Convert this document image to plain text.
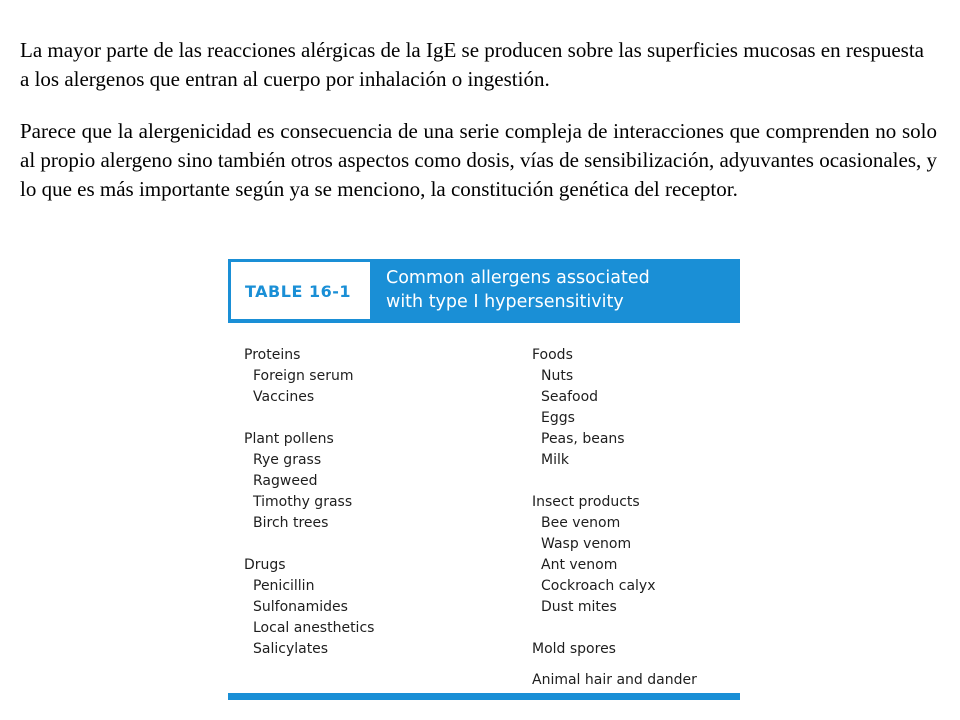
La mayor parte de las reacciones alérgicas de la IgE se producen sobre las superficies mucosas en respuesta a los alergenos que entran al cuerpo por inhalación o ingestión.

Parece que la alergenicidad es consecuencia de una serie compleja de interacciones que comprenden no solo al propio alergeno sino también otros aspectos como dosis, vías de sensibilización, adyuvantes ocasionales, y lo que es más importante según ya se menciono, la constitución genética del receptor.

TABLE 16-1
Common allergens associated
with type I hypersensitivity
Proteins
Foreign serum
Vaccines
Plant pollens
Rye grass
Ragweed
Timothy grass
Birch trees
Drugs
Penicillin
Sulfonamides
Local anesthetics
Salicylates
Foods
Nuts
Seafood
Eggs
Peas, beans
Milk
Insect products
Bee venom
Wasp venom
Ant venom
Cockroach calyx
Dust mites
Mold spores
Animal hair and dander
